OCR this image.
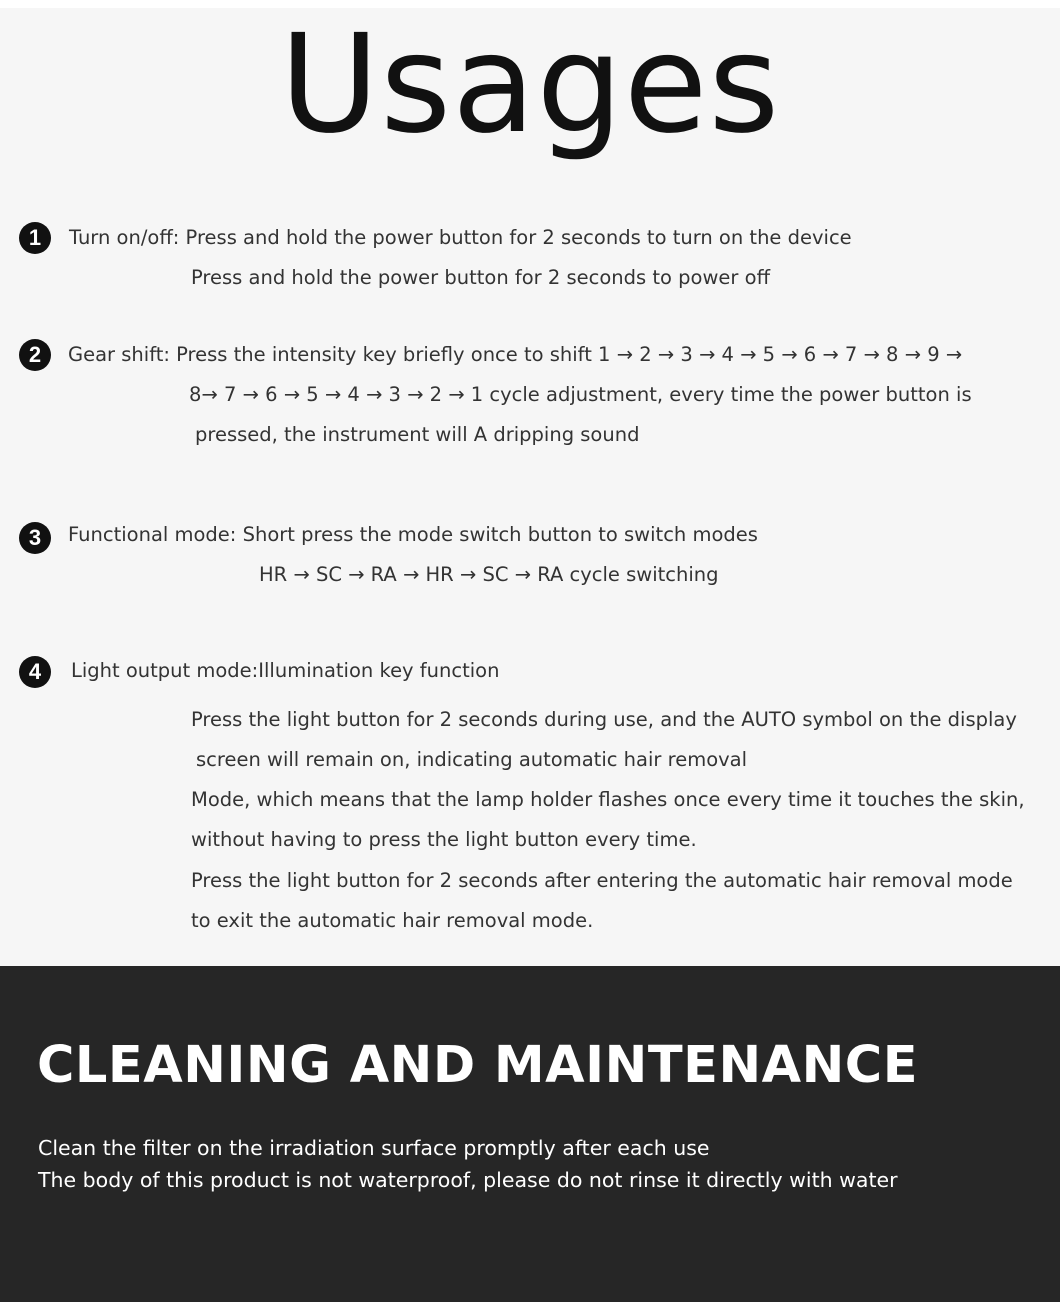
Usages
1	Turn on/off: Press and hold the power button for 2 seconds to turn on the device
Press and hold the power button for 2 seconds to power off
2	Gear shift: Press the intensity key briefly once to shift 1 → 2 → 3 → 4 → 5 → 6 → 7 → 8 → 9 →
8→ 7 → 6 → 5 → 4 → 3 → 2 → 1 cycle adjustment, every time the power button is
pressed, the instrument will A dripping sound
3	Functional mode: Short press the mode switch button to switch modes
HR → SC → RA → HR → SC → RA cycle switching
4	Light output mode:Illumination key function
Press the light button for 2 seconds during use, and the AUTO symbol on the display
screen will remain on, indicating automatic hair removal
Mode, which means that the lamp holder flashes once every time it touches the skin,
without having to press the light button every time.
Press the light button for 2 seconds after entering the automatic hair removal mode
to exit the automatic hair removal mode.
CLEANING AND MAINTENANCE
Clean the filter on the irradiation surface promptly after each use
The body of this product is not waterproof, please do not rinse it directly with water
